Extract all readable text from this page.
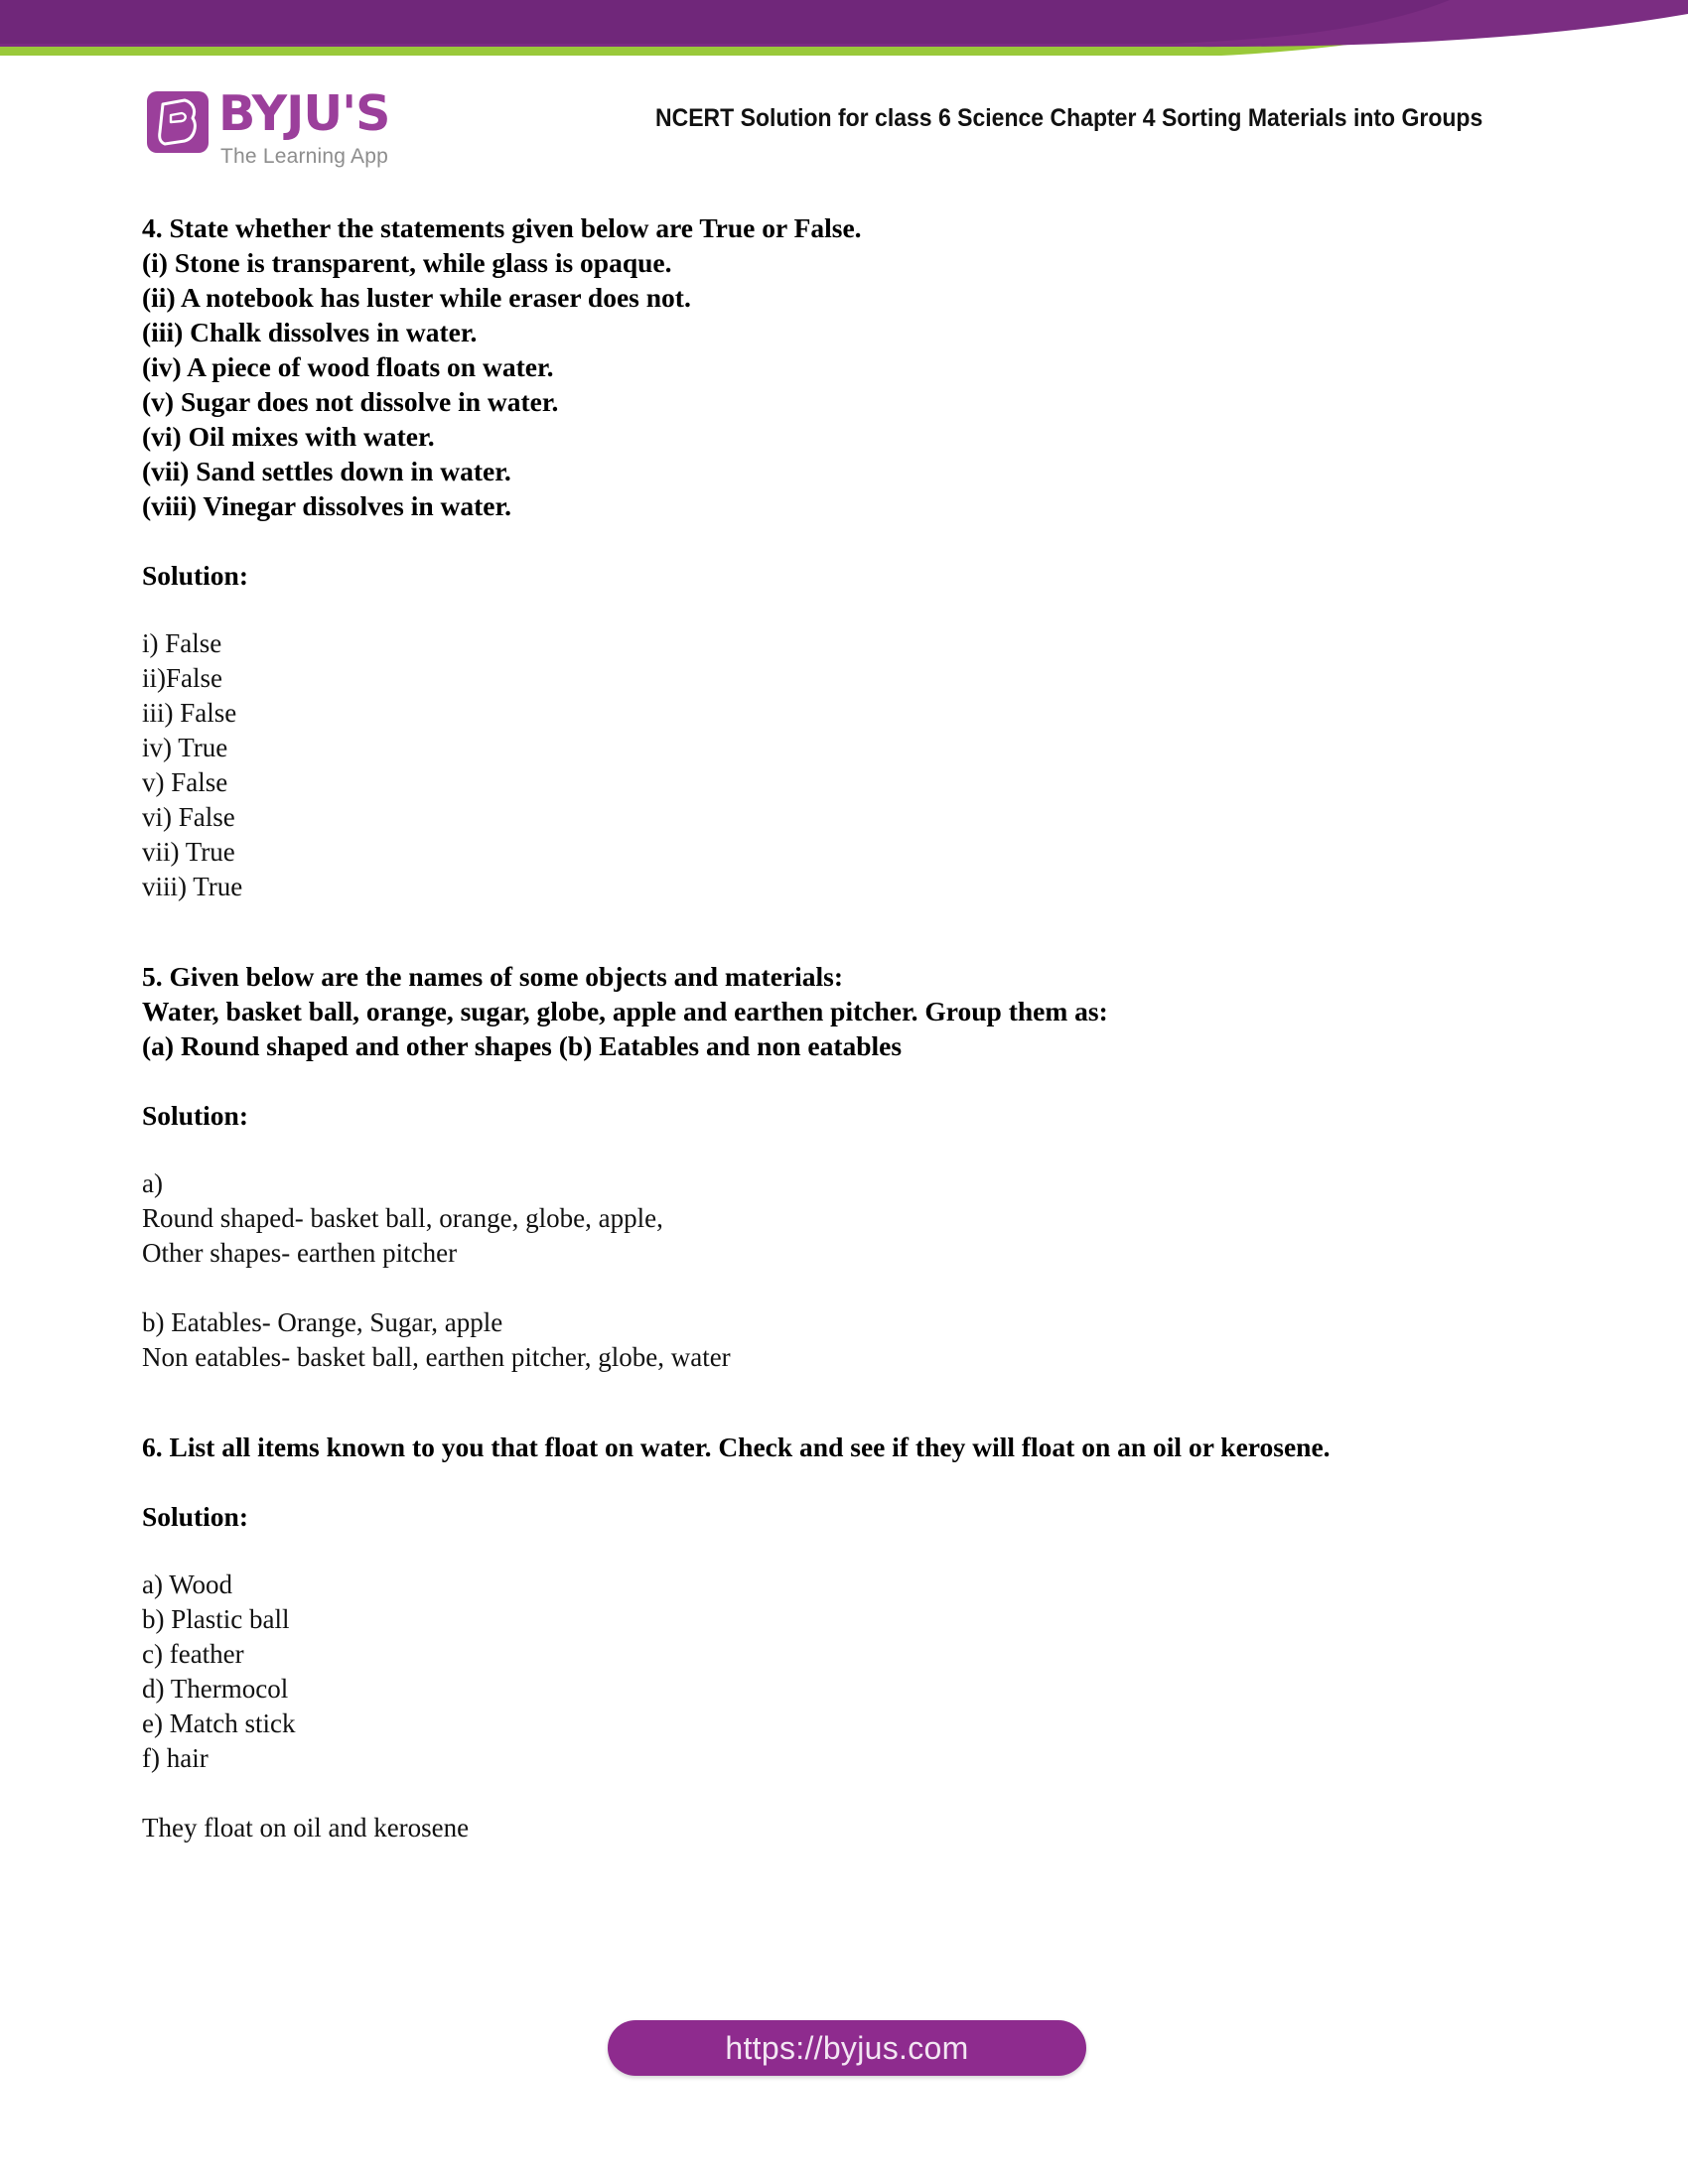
BYJU'S
The Learning App
NCERT Solution for class 6 Science Chapter 4 Sorting Materials into Groups
4. State whether the statements given below are True or False.
(i) Stone is transparent, while glass is opaque.
(ii) A notebook has luster while eraser does not.
(iii) Chalk dissolves in water.
(iv) A piece of wood floats on water.
(v) Sugar does not dissolve in water.
(vi) Oil mixes with water.
(vii) Sand settles down in water.
(viii) Vinegar dissolves in water.
Solution:
i) False
ii)False
iii) False
iv) True
v) False
vi) False
vii) True
viii) True
5. Given below are the names of some objects and materials:
Water, basket ball, orange, sugar, globe, apple and earthen pitcher. Group them as:
(a) Round shaped and other shapes (b) Eatables and non eatables
Solution:
a)
Round shaped- basket ball, orange, globe, apple,
Other shapes- earthen pitcher
b) Eatables- Orange, Sugar, apple
Non eatables- basket ball, earthen pitcher, globe, water
6. List all items known to you that float on water. Check and see if they will float on an oil or kerosene.
Solution:
a) Wood
b) Plastic ball
c) feather
d) Thermocol
e) Match stick
f) hair
They float on oil and kerosene
https://byjus.com
